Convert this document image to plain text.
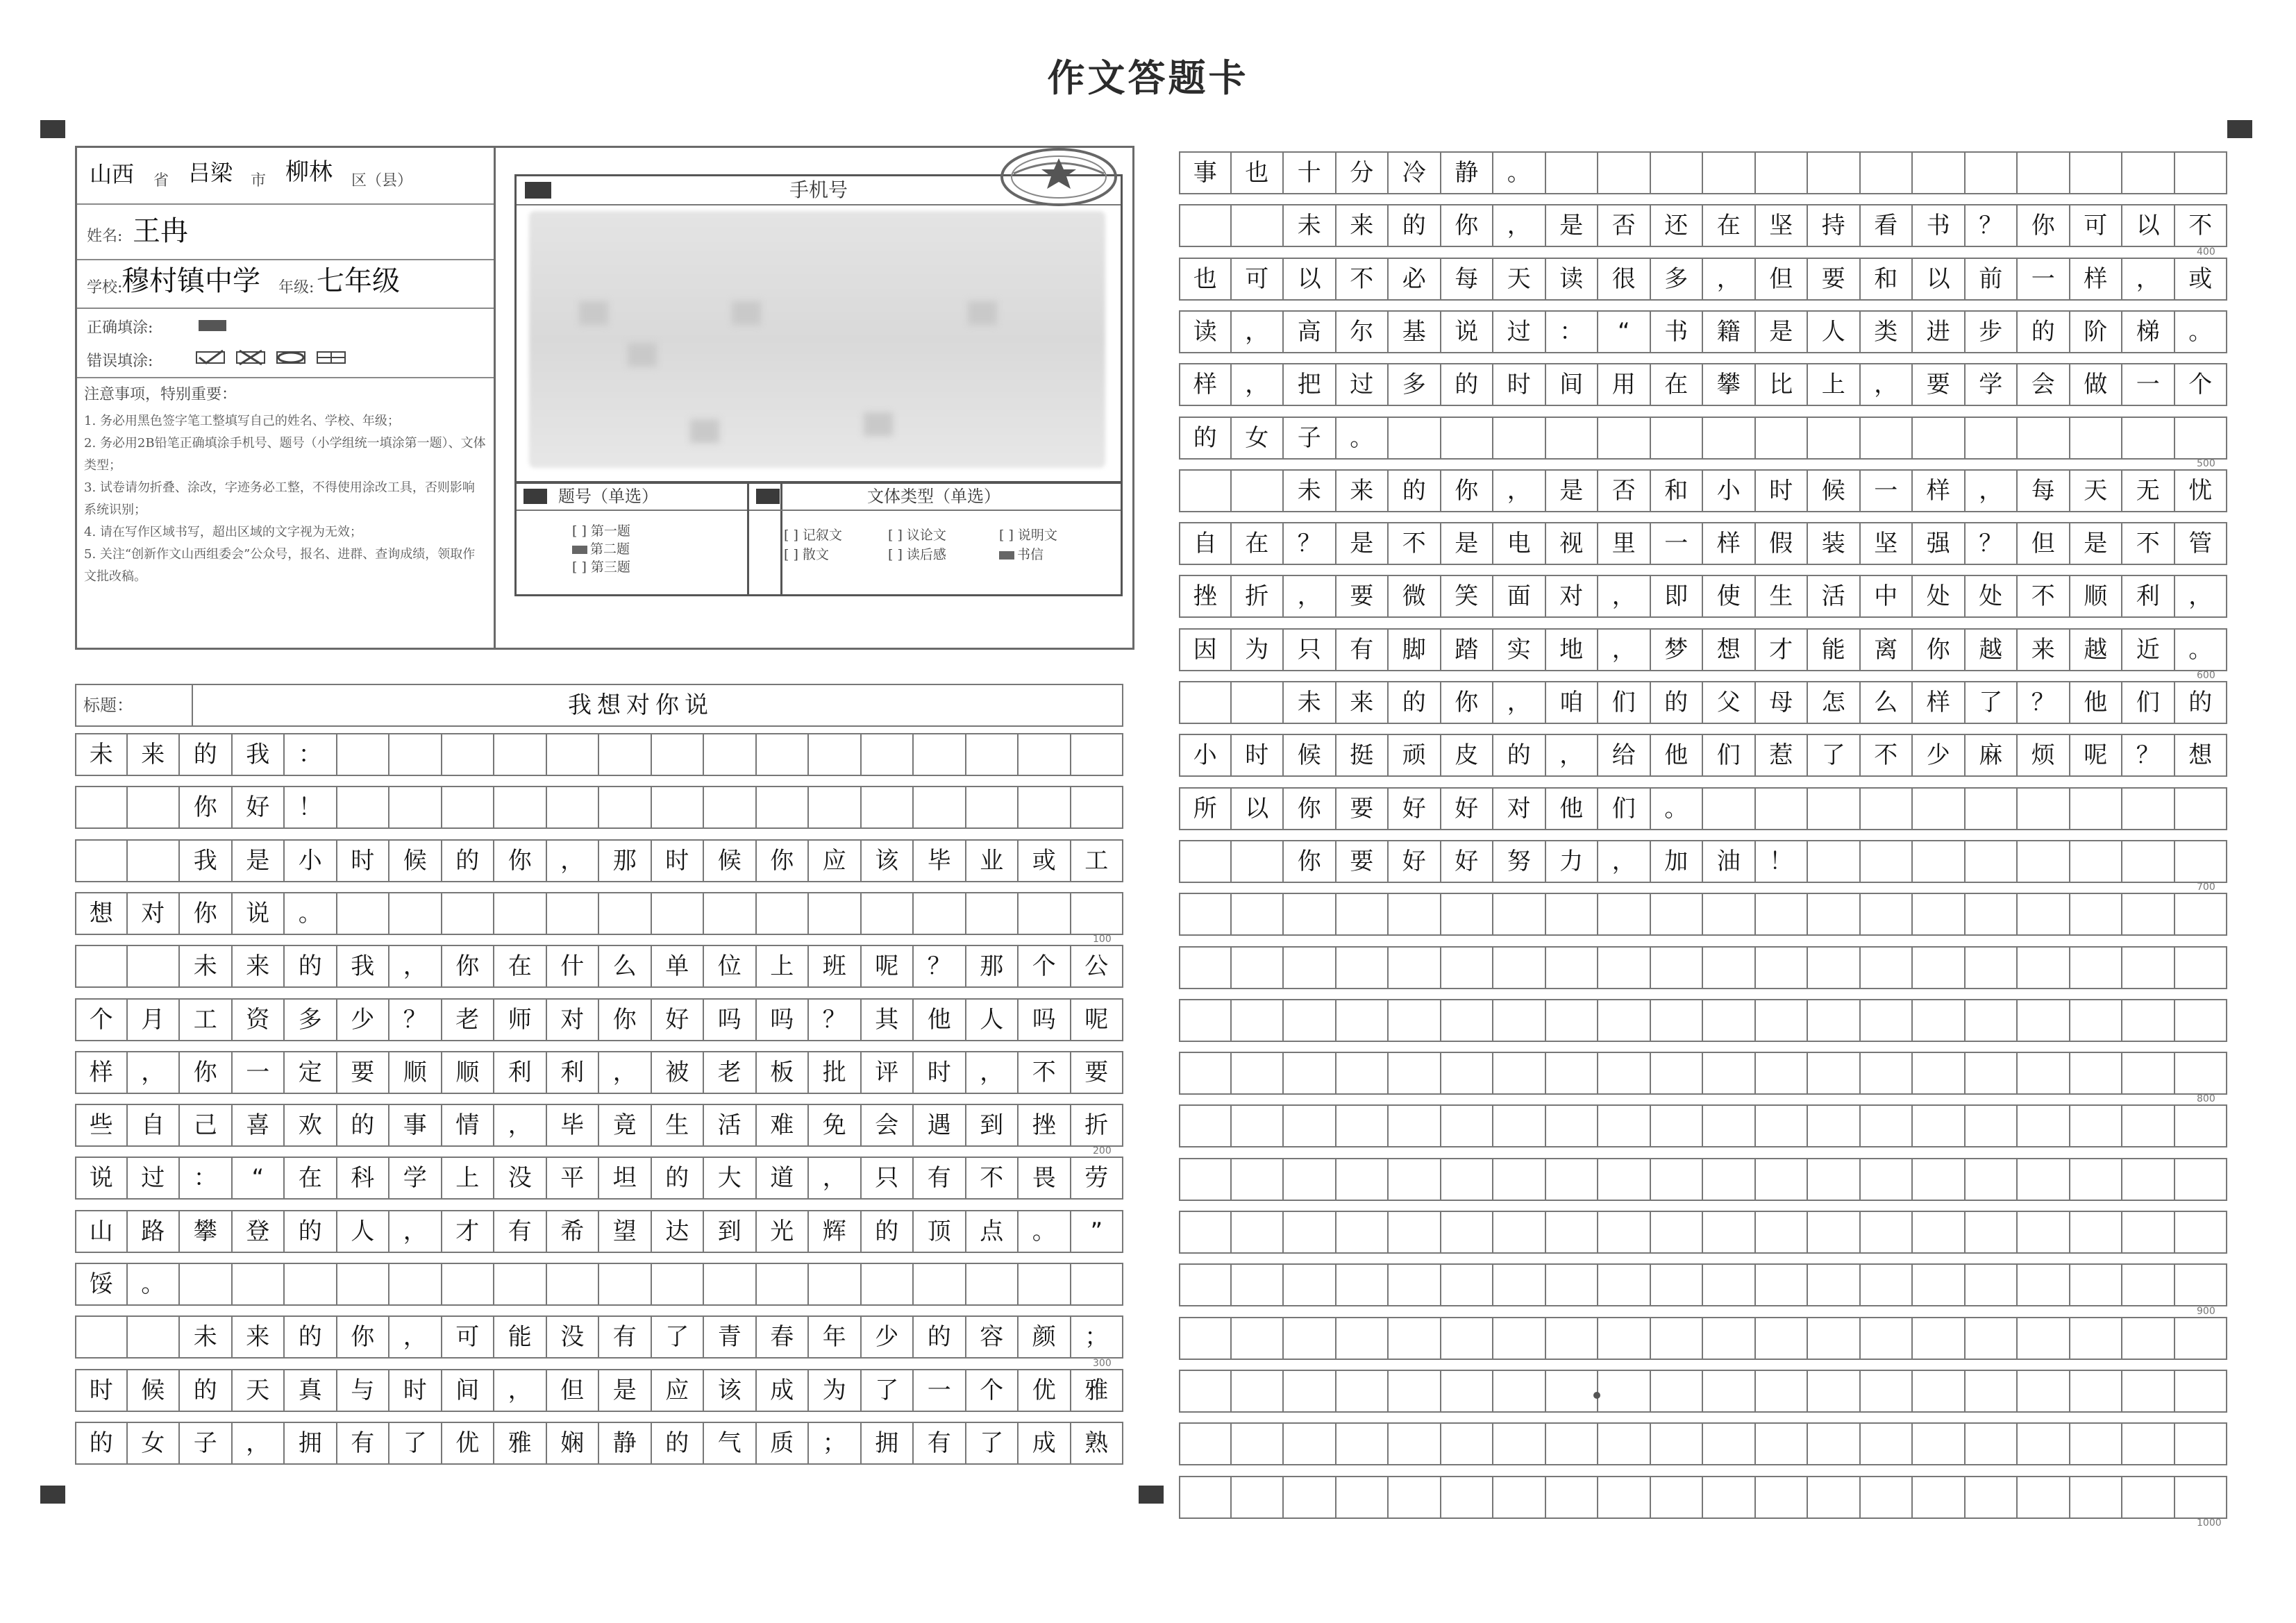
作文答题卡
山西 省 吕梁 市 柳林 区（县）
姓名: 王冉
学校:
穆村镇中学 年级: 七年级
正确填涂:
错误填涂:
注意事项，特别重要：
1. 务必用黑色签字笔工整填写自己的姓名、学校、年级；
2. 务必用2B铅笔正确填涂手机号、题号（小学组统一填涂第一题）、文体类型；
3. 试卷请勿折叠、涂改，字迹务必工整，不得使用涂改工具，否则影响系统识别；
4. 请在写作区域书写，超出区域的文字视为无效；
5. 关注“创新作文山西组委会”公众号，报名、进群、查询成绩，领取作文批改稿。
手机号
题号（单选）
[ ] 第一题
第二题
[ ] 第三题
文体类型（单选）
[ ] 记叙文	[ ] 议论文	[ ] 说明文
[ ] 散文	[ ] 读后感	书信
标题：	我想对你说
未	来	的	我	：
你	好	！
我	是	小	时	候	的	你	，	那	时	候	你	应	该	毕	业	或	工
想	对	你	说	。
未	来	的	我	，	你	在	什	么	单	位	上	班	呢	？	那	个	公
个	月	工	资	多	少	？	老	师	对	你	好	吗	吗	？	其	他	人	吗	呢
样	，	你	一	定	要	顺	顺	利	利	，	被	老	板	批	评	时	，	不	要
些	自	己	喜	欢	的	事	情	，	毕	竟	生	活	难	免	会	遇	到	挫	折
说	过	：	“	在	科	学	上	没	平	坦	的	大	道	，	只	有	不	畏	劳
山	路	攀	登	的	人	，	才	有	希	望	达	到	光	辉	的	顶	点	。	”
馁	。
未	来	的	你	，	可	能	没	有	了	青	春	年	少	的	容	颜	；
时	候	的	天	真	与	时	间	，	但	是	应	该	成	为	了	一	个	优	雅
的	女	子	，	拥	有	了	优	雅	娴	静	的	气	质	；	拥	有	了	成	熟
100
200
300
事	也	十	分	冷	静	。
未	来	的	你	，	是	否	还	在	坚	持	看	书	？	你	可	以	不
也	可	以	不	必	每	天	读	很	多	，	但	要	和	以	前	一	样	，	或
读	，	高	尔	基	说	过	：	“	书	籍	是	人	类	进	步	的	阶	梯	。
样	，	把	过	多	的	时	间	用	在	攀	比	上	，	要	学	会	做	一	个
的	女	子	。
未	来	的	你	，	是	否	和	小	时	候	一	样	，	每	天	无	忧
自	在	？	是	不	是	电	视	里	一	样	假	装	坚	强	？	但	是	不	管
挫	折	，	要	微	笑	面	对	，	即	使	生	活	中	处	处	不	顺	利	，
因	为	只	有	脚	踏	实	地	，	梦	想	才	能	离	你	越	来	越	近	。
未	来	的	你	，	咱	们	的	父	母	怎	么	样	了	？	他	们	的
小	时	候	挺	顽	皮	的	，	给	他	们	惹	了	不	少	麻	烦	呢	？	想
所	以	你	要	好	好	对	他	们	。
你	要	好	好	努	力	，	加	油	！
400
500
600
700
800
900
1000
